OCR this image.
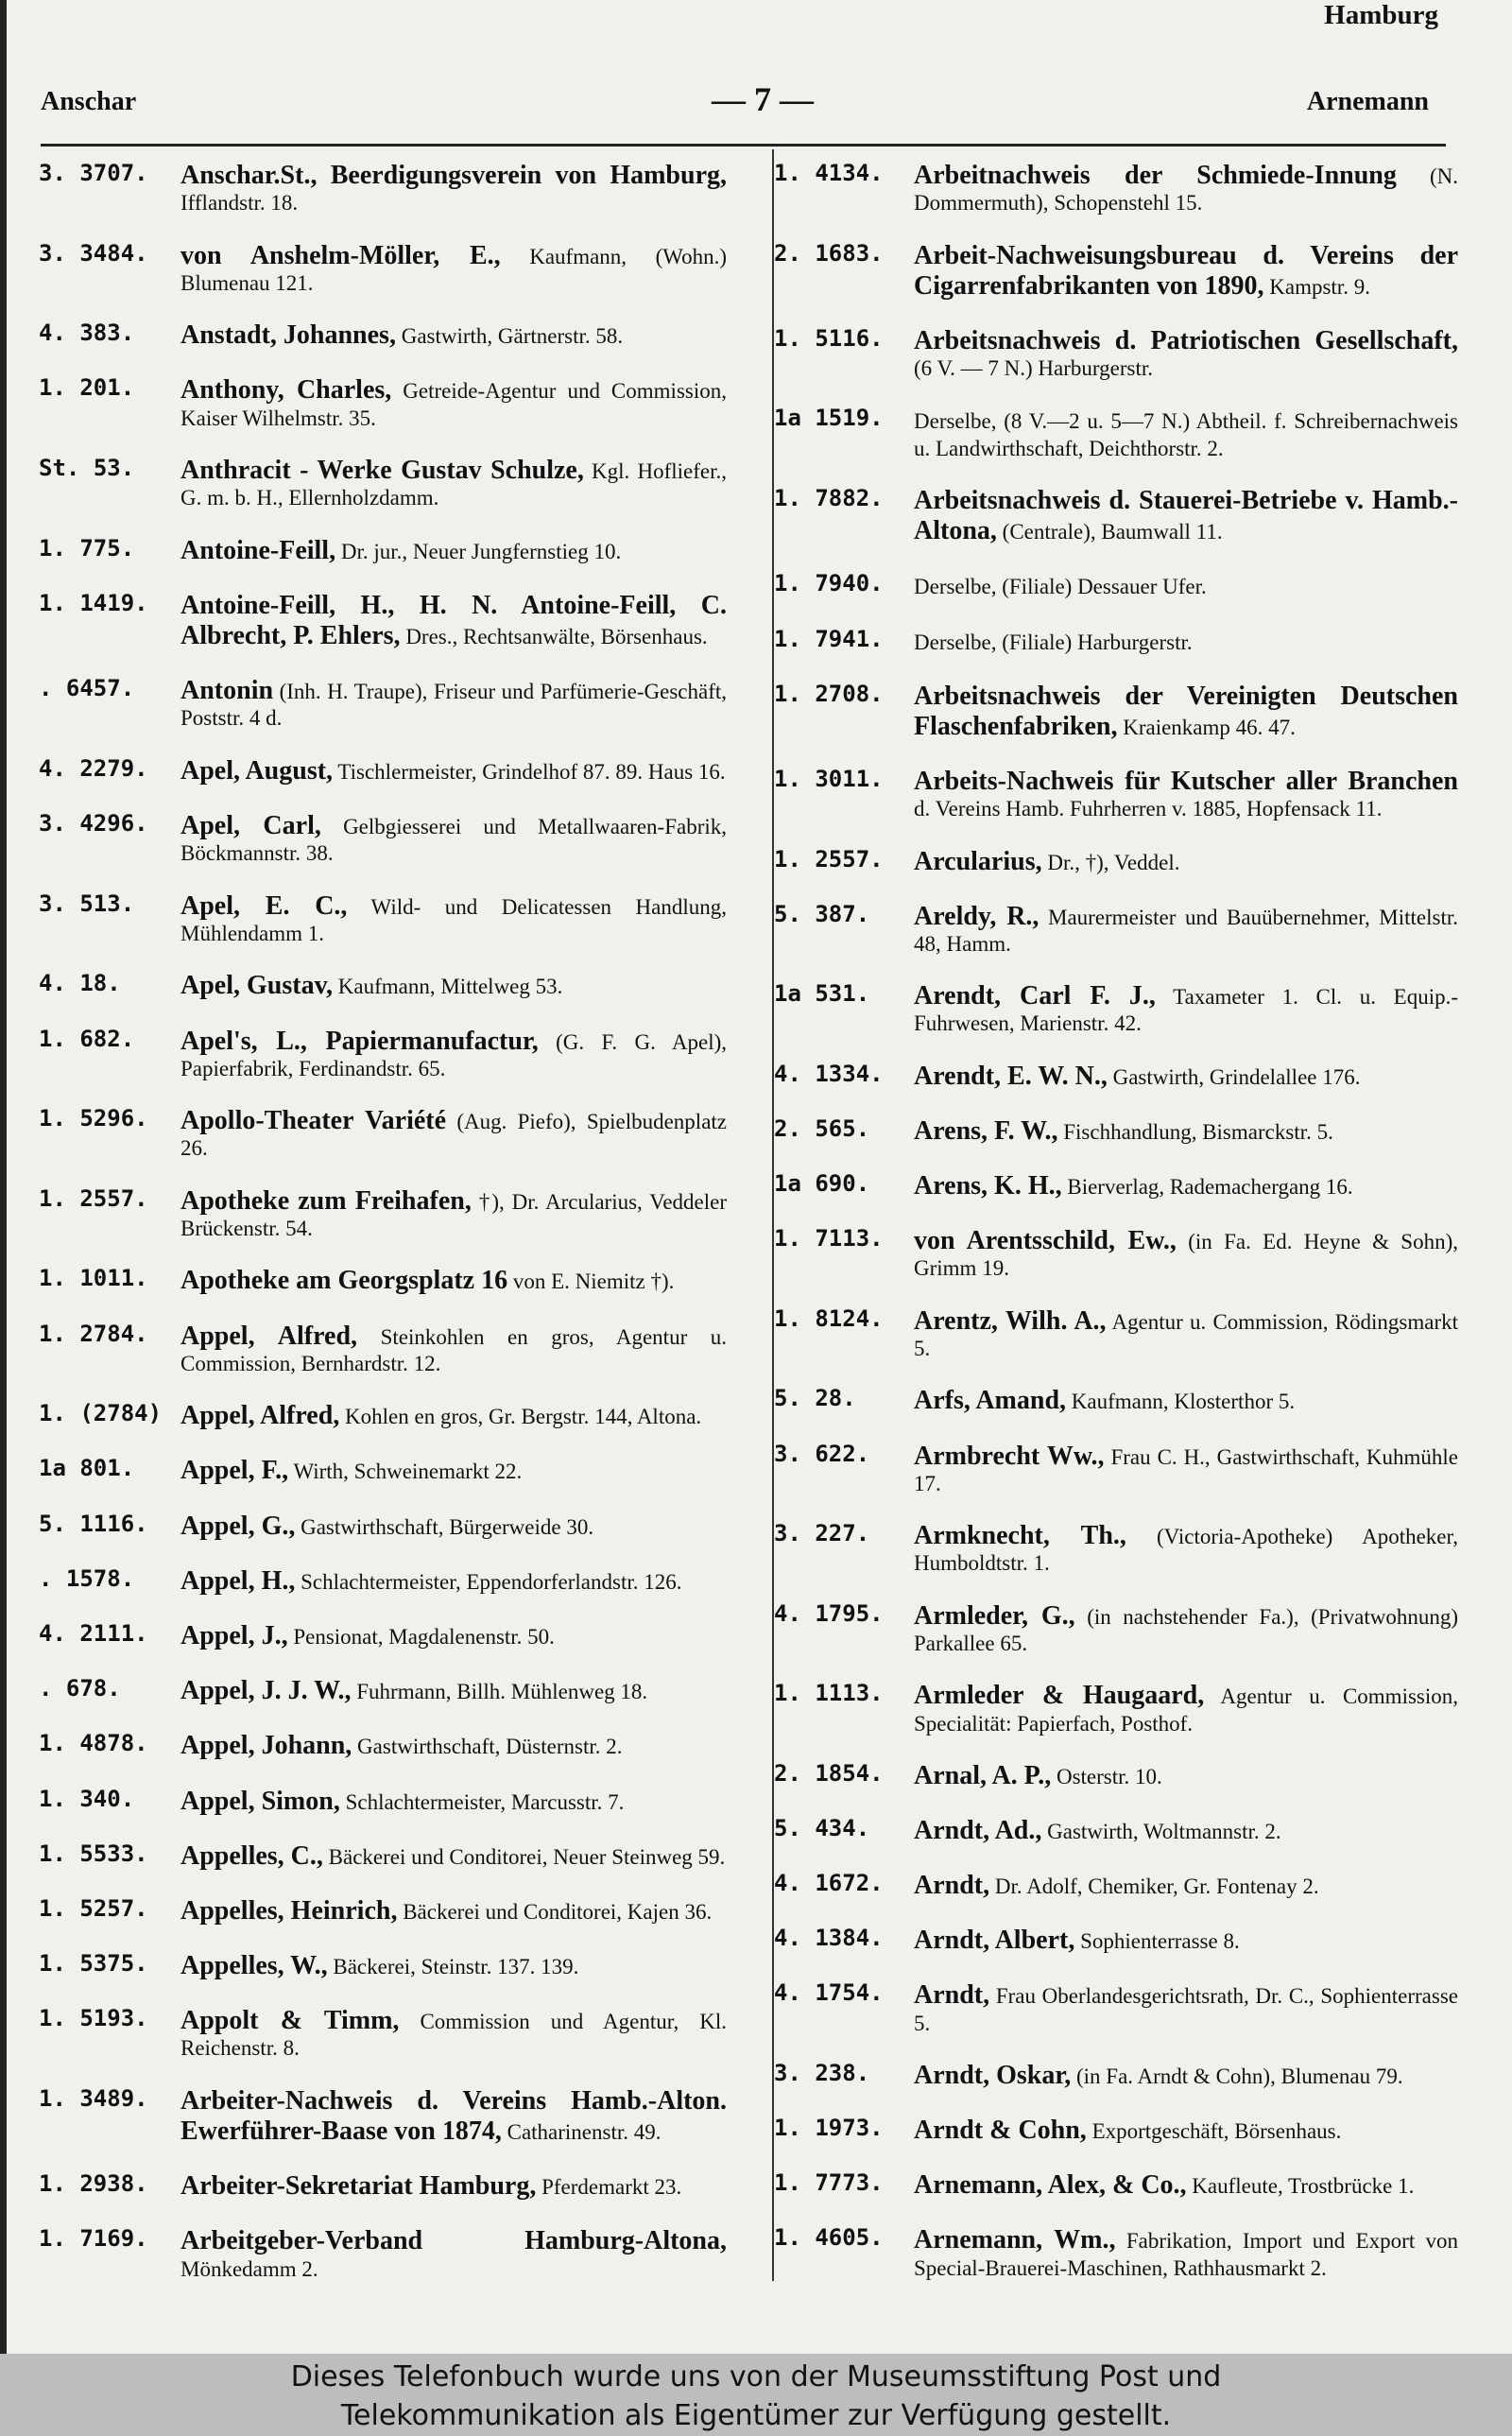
Hamburg
Anschar	— 7 —	Arnemann
3. 3707.	Anschar.St., Beerdigungsverein von Hamburg, Ifflandstr. 18.
3. 3484.	von Anshelm-Möller, E., Kaufmann, (Wohn.) Blumenau 121.
4. 383.	Anstadt, Johannes, Gastwirth, Gärtnerstr. 58.
1. 201.	Anthony, Charles, Getreide-Agentur und Commission, Kaiser Wilhelmstr. 35.
St. 53.	Anthracit - Werke Gustav Schulze, Kgl. Hofliefer., G. m. b. H., Ellernholzdamm.
1. 775.	Antoine-Feill, Dr. jur., Neuer Jungfernstieg 10.
1. 1419.	Antoine-Feill, H., H. N. Antoine-Feill, C. Albrecht, P. Ehlers, Dres., Rechtsanwälte, Börsenhaus.
. 6457.	Antonin (Inh. H. Traupe), Friseur und Parfümerie-Geschäft, Poststr. 4 d.
4. 2279.	Apel, August, Tischlermeister, Grindelhof 87. 89. Haus 16.
3. 4296.	Apel, Carl, Gelbgiesserei und Metallwaaren-Fabrik, Böckmannstr. 38.
3. 513.	Apel, E. C., Wild- und Delicatessen Handlung, Mühlendamm 1.
4. 18.	Apel, Gustav, Kaufmann, Mittelweg 53.
1. 682.	Apel's, L., Papiermanufactur, (G. F. G. Apel), Papierfabrik, Ferdinandstr. 65.
1. 5296.	Apollo-Theater Variété (Aug. Piefo), Spielbudenplatz 26.
1. 2557.	Apotheke zum Freihafen, †), Dr. Arcularius, Veddeler Brückenstr. 54.
1. 1011.	Apotheke am Georgsplatz 16 von E. Niemitz †).
1. 2784.	Appel, Alfred, Steinkohlen en gros, Agentur u. Commission, Bernhardstr. 12.
1. (2784) Appel, Alfred, Kohlen en gros, Gr. Bergstr. 144, Altona.
1a 801.	Appel, F., Wirth, Schweinemarkt 22.
5. 1116.	Appel, G., Gastwirthschaft, Bürgerweide 30.
. 1578.	Appel, H., Schlachtermeister, Eppendorferlandstr. 126.
4. 2111.	Appel, J., Pensionat, Magdalenenstr. 50.
. 678.	Appel, J. J. W., Fuhrmann, Billh. Mühlenweg 18.
1. 4878.	Appel, Johann, Gastwirthschaft, Düsternstr. 2.
1. 340.	Appel, Simon, Schlachtermeister, Marcusstr. 7.
1. 5533.	Appelles, C., Bäckerei und Conditorei, Neuer Steinweg 59.
1. 5257.	Appelles, Heinrich, Bäckerei und Conditorei, Kajen 36.
1. 5375.	Appelles, W., Bäckerei, Steinstr. 137. 139.
1. 5193.	Appolt & Timm, Commission und Agentur, Kl. Reichenstr. 8.
1. 3489.	Arbeiter-Nachweis d. Vereins Hamb.-Alton. Ewerführer-Baase von 1874, Catharinenstr. 49.
1. 2938.	Arbeiter-Sekretariat Hamburg, Pferdemarkt 23.
1. 7169.	Arbeitgeber-Verband Hamburg-Altona, Mönkedamm 2.
1. 4134.	Arbeitnachweis der Schmiede-Innung (N. Dommermuth), Schopenstehl 15.
2. 1683.	Arbeit-Nachweisungsbureau d. Vereins der Cigarrenfabrikanten von 1890, Kampstr. 9.
1. 5116.	Arbeitsnachweis d. Patriotischen Gesellschaft, (6 V. — 7 N.) Harburgerstr.
1a 1519.	Derselbe, (8 V.—2 u. 5—7 N.) Abtheil. f. Schreibernachweis u. Landwirthschaft, Deichthorstr. 2.
1. 7882.	Arbeitsnachweis d. Stauerei-Betriebe v. Hamb.-Altona, (Centrale), Baumwall 11.
1. 7940.	Derselbe, (Filiale) Dessauer Ufer.
1. 7941.	Derselbe, (Filiale) Harburgerstr.
1. 2708.	Arbeitsnachweis der Vereinigten Deutschen Flaschenfabriken, Kraienkamp 46. 47.
1. 3011.	Arbeits-Nachweis für Kutscher aller Branchen d. Vereins Hamb. Fuhrherren v. 1885, Hopfensack 11.
1. 2557.	Arcularius, Dr., †), Veddel.
5. 387.	Areldy, R., Maurermeister und Bauübernehmer, Mittelstr. 48, Hamm.
1a 531.	Arendt, Carl F. J., Taxameter 1. Cl. u. Equip.-Fuhrwesen, Marienstr. 42.
4. 1334.	Arendt, E. W. N., Gastwirth, Grindelallee 176.
2. 565.	Arens, F. W., Fischhandlung, Bismarckstr. 5.
1a 690.	Arens, K. H., Bierverlag, Rademachergang 16.
1. 7113.	von Arentsschild, Ew., (in Fa. Ed. Heyne & Sohn), Grimm 19.
1. 8124.	Arentz, Wilh. A., Agentur u. Commission, Rödingsmarkt 5.
5. 28.	Arfs, Amand, Kaufmann, Klosterthor 5.
3. 622.	Armbrecht Ww., Frau C. H., Gastwirthschaft, Kuhmühle 17.
3. 227.	Armknecht, Th., (Victoria-Apotheke) Apotheker, Humboldtstr. 1.
4. 1795.	Armleder, G., (in nachstehender Fa.), (Privatwohnung) Parkallee 65.
1. 1113.	Armleder & Haugaard, Agentur u. Commission, Specialität: Papierfach, Posthof.
2. 1854.	Arnal, A. P., Osterstr. 10.
5. 434.	Arndt, Ad., Gastwirth, Woltmannstr. 2.
4. 1672.	Arndt, Dr. Adolf, Chemiker, Gr. Fontenay 2.
4. 1384.	Arndt, Albert, Sophienterrasse 8.
4. 1754.	Arndt, Frau Oberlandesgerichtsrath, Dr. C., Sophienterrasse 5.
3. 238.	Arndt, Oskar, (in Fa. Arndt & Cohn), Blumenau 79.
1. 1973.	Arndt & Cohn, Exportgeschäft, Börsenhaus.
1. 7773.	Arnemann, Alex, & Co., Kaufleute, Trostbrücke 1.
1. 4605.	Arnemann, Wm., Fabrikation, Import und Export von Special-Brauerei-Maschinen, Rathhausmarkt 2.
Dieses Telefonbuch wurde uns von der Museumsstiftung Post und
Telekommunikation als Eigentümer zur Verfügung gestellt.
